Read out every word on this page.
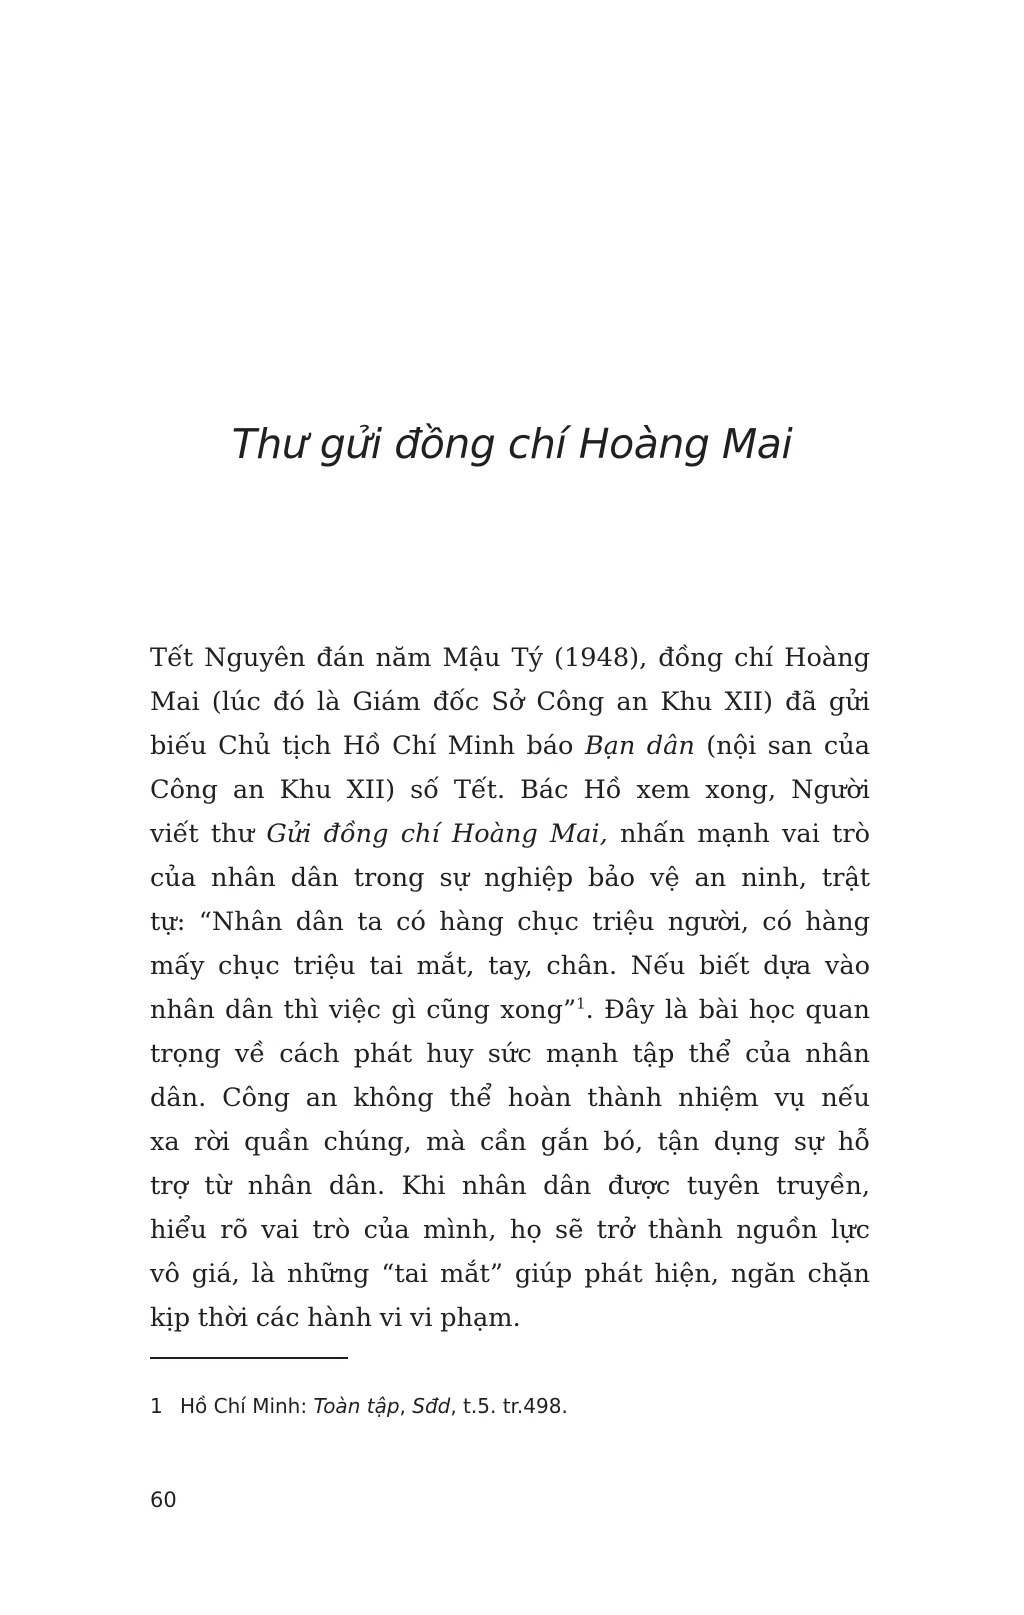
Thư gửi đồng chí Hoàng Mai

Tết Nguyên đán năm Mậu Tý (1948), đồng chí Hoàng
Mai (lúc đó là Giám đốc Sở Công an Khu XII) đã gửi
biếu Chủ tịch Hồ Chí Minh báo Bạn dân (nội san của
Công an Khu XII) số Tết. Bác Hồ xem xong, Người
viết thư Gửi đồng chí Hoàng Mai, nhấn mạnh vai trò
của nhân dân trong sự nghiệp bảo vệ an ninh, trật
tự: “Nhân dân ta có hàng chục triệu người, có hàng
mấy chục triệu tai mắt, tay, chân. Nếu biết dựa vào
nhân dân thì việc gì cũng xong”$^1$. Đây là bài học quan
trọng về cách phát huy sức mạnh tập thể của nhân
dân. Công an không thể hoàn thành nhiệm vụ nếu
xa rời quần chúng, mà cần gắn bó, tận dụng sự hỗ
trợ từ nhân dân. Khi nhân dân được tuyên truyền,
hiểu rõ vai trò của mình, họ sẽ trở thành nguồn lực
vô giá, là những “tai mắt” giúp phát hiện, ngăn chặn
kịp thời các hành vi vi phạm.

1 Hồ Chí Minh: Toàn tập, Sđd, t.5. tr.498.

60
